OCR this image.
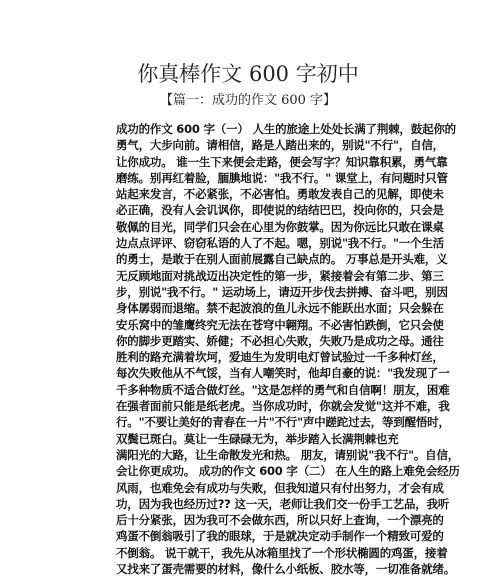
你真棒作文 600 字初中
【篇一：成功的作文 600 字】
成功的作文 600 字（一） 人生的旅途上处处长满了荆棘，鼓起你的
勇气，大步向前。请相信，路是人踏出来的，别说"不行"，自信，
让你成功。 谁一生下来便会走路，便会写字？知识靠积累，勇气靠
磨练。别再红着脸，腼腆地说："我不行。" 课堂上，有问题时只管
站起来发言，不必紧张，不必害怕。勇敢发表自己的见解，即使未
必正确，没有人会讥讽你，即使说的结结巴巴，投向你的，只会是
敬佩的目光，同学们只会在心里为你鼓掌。因为你远比只敢在课桌
边点点评评、窃窃私语的人了不起。嗯，别说"我不行。"一个生活
的勇士，是敢于在别人面前展露自己缺点的。 万事总是开头难，义
无反顾地面对挑战迈出决定性的第一步，紧接着会有第二步、第三
步，别说"我不行。" 运动场上，请迈开步伐去拼搏、奋斗吧，别因
身体孱弱而退缩。禁不起波浪的鱼儿永远不能跃出水面；只会躲在
安乐窝中的雏鹰终究无法在苍穹中翱翔。不必害怕跌倒，它只会使
你的脚步更踏实、娇健；不必担心失败，失败乃是成功之母。通往
胜利的路充满着坎坷，爱迪生为发明电灯曾试验过一千多种灯丝，
每次失败他从不气馁，当有人嘲笑时，他却自豪的说："我发现了一
千多种物质不适合做灯丝。"这是怎样的勇气和自信啊！朋友，困难
在强者面前只能是纸老虎。当你成功时，你就会发觉"这并不难，我
行。"不要让美好的青春在一片"不行"声中蹉跎过去，等到醒悟时，
双鬓已斑白。莫让一生碌碌无为，举步踏入长满荆棘也充
满阳光的大路，让生命散发光和热。 朋友，请别说"我不行"。自信，
会让你更成功。 成功的作文 600 字（二） 在人生的路上难免会经历
风雨，也难免会有成功与失败，但我知道只有付出努力，才会有成
功，因为我也经历过?? 这一天，老师让我们交一份手工艺品，我听
后十分紧张，因为我可不会做东西，所以只好上查询，一个漂亮的
鸡蛋不倒翁吸引了我的眼球，于是就决定动手制作一个精致可爱的
不倒翁。 说干就干，我先从冰箱里找了一个形状椭圆的鸡蛋，接着
又找来了蛋壳需要的材料，像什么小纸板、胶水等，一切准备就绪。
